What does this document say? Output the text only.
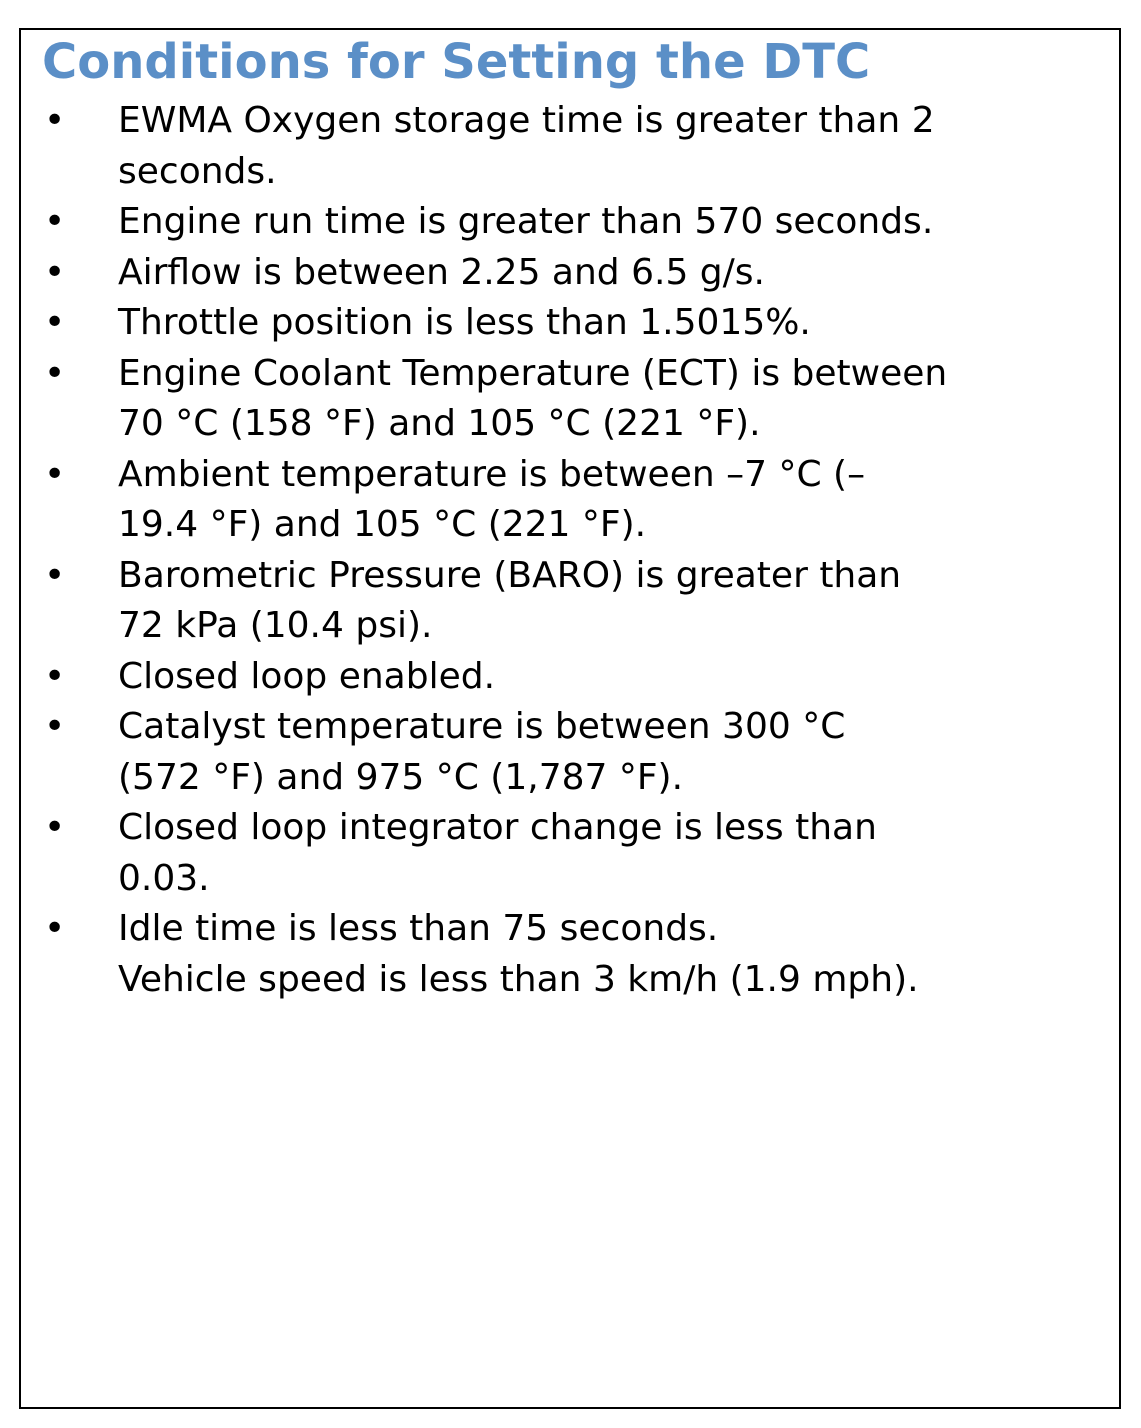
Conditions for Setting the DTC
• EWMA Oxygen storage time is greater than 2
seconds.
• Engine run time is greater than 570 seconds.
• Airflow is between 2.25 and 6.5 g/s.
• Throttle position is less than 1.5015%.
• Engine Coolant Temperature (ECT) is between
70 °C (158 °F) and 105 °C (221 °F).
• Ambient temperature is between –7 °C (–
19.4 °F) and 105 °C (221 °F).
• Barometric Pressure (BARO) is greater than
72 kPa (10.4 psi).
• Closed loop enabled.
• Catalyst temperature is between 300 °C
(572 °F) and 975 °C (1,787 °F).
• Closed loop integrator change is less than
0.03.
• Idle time is less than 75 seconds.
Vehicle speed is less than 3 km/h (1.9 mph).
